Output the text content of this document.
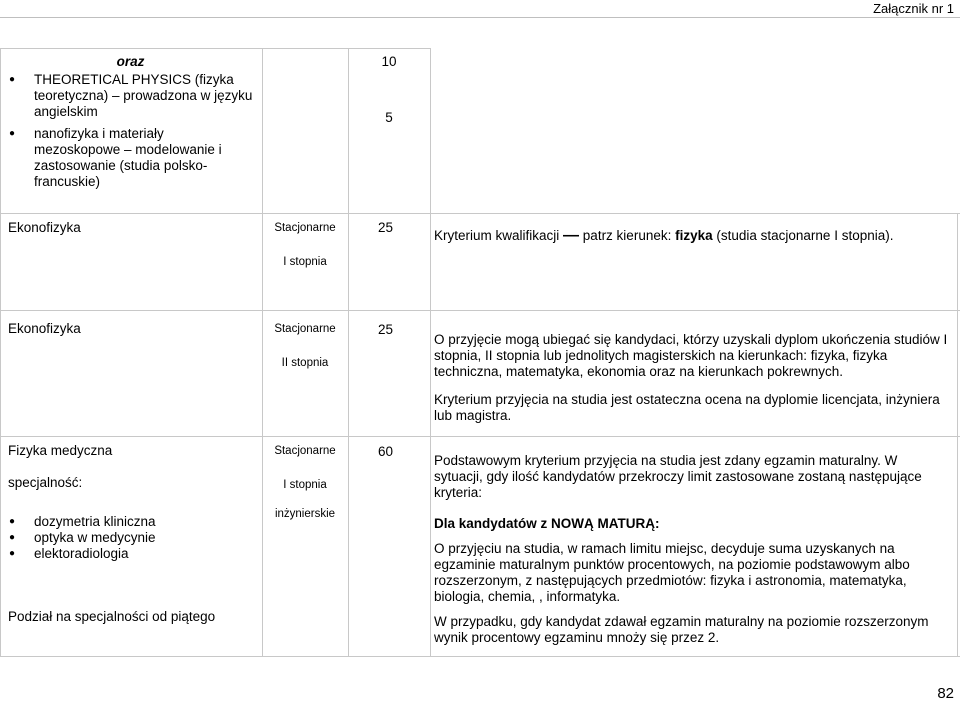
Załącznik nr 1

oraz

● THEORETICAL PHYSICS (fizyka teoretyczna) – prowadzona w języku angielskim
● nanofizyka i materiały mezoskopowe – modelowanie i zastosowanie (studia polsko-francuskie)

10

5

Ekonofizyka	Stacjonarne

I stopnia

25
Kryterium kwalifikacji — patrz kierunek: fizyka (studia stacjonarne I stopnia).
Ekonofizyka	Stacjonarne

II stopnia

25

O przyjęcie mogą ubiegać się kandydaci, którzy uzyskali dyplom ukończenia studiów I stopnia, II stopnia lub jednolitych magisterskich na kierunkach: fizyka, fizyka techniczna, matematyka, ekonomia oraz na kierunkach pokrewnych.

Kryterium przyjęcia na studia jest ostateczna ocena na dyplomie licencjata, inżyniera lub magistra.

Fizyka medyczna

specjalność:

● dozymetria kliniczna
● optyka w medycynie
● elektoradiologia

Podział na specjalności od piątego

Stacjonarne

I stopnia

inżynierskie

60

Podstawowym kryterium przyjęcia na studia jest zdany egzamin maturalny. W sytuacji, gdy ilość kandydatów przekroczy limit zastosowane zostaną następujące kryteria:

Dla kandydatów z NOWĄ MATURĄ:

O przyjęciu na studia, w ramach limitu miejsc, decyduje suma uzyskanych na egzaminie maturalnym punktów procentowych, na poziomie podstawowym albo rozszerzonym, z następujących przedmiotów: fizyka i astronomia, matematyka, biologia, chemia, , informatyka.

W przypadku, gdy kandydat zdawał egzamin maturalny na poziomie rozszerzonym wynik procentowy egzaminu mnoży się przez 2.

82
